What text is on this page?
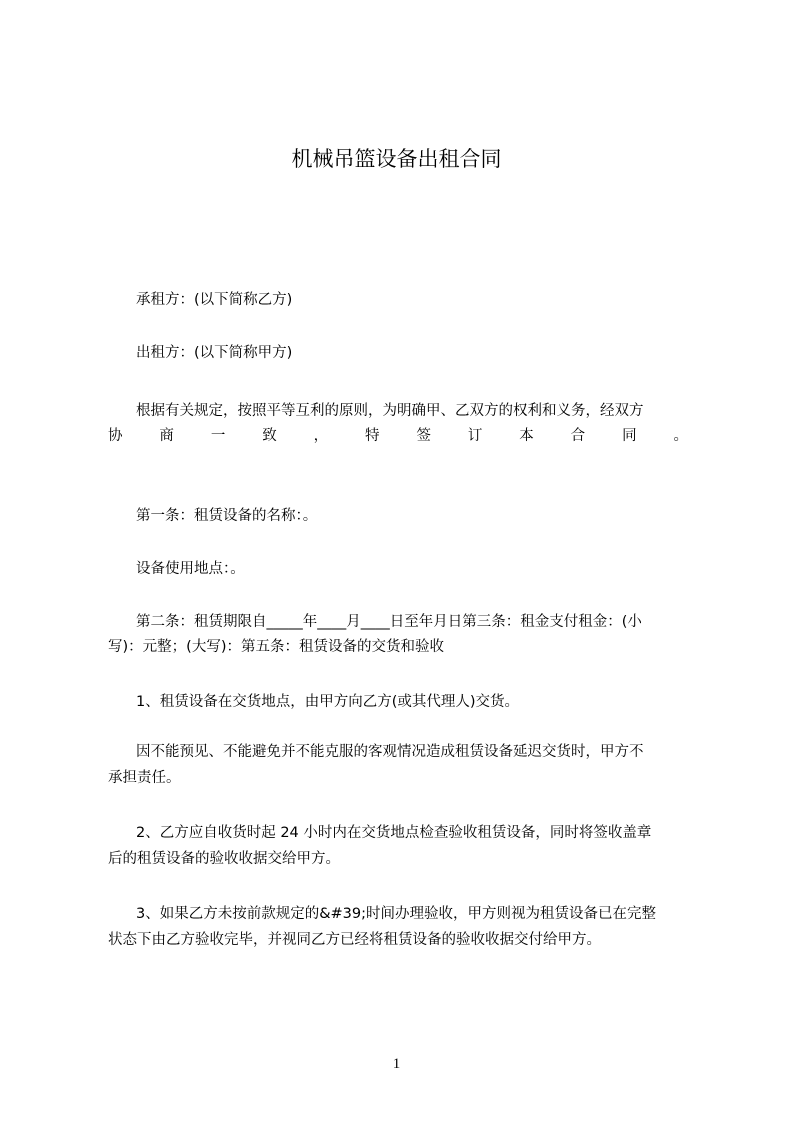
机械吊篮设备出租合同
承租方：(以下简称乙方)
出租方：(以下简称甲方)
根据有关规定，按照平等互利的原则，为明确甲、乙双方的权利和义务，经双方
协商一致，特签订本合同。
第一条：租赁设备的名称：。
设备使用地点：。
第二条：租赁期限自_____年____月____日至年月日第三条：租金支付租金：(小
写)：元整；(大写)：第五条：租赁设备的交货和验收
1、租赁设备在交货地点，由甲方向乙方(或其代理人)交货。
因不能预见、不能避免并不能克服的客观情况造成租赁设备延迟交货时，甲方不
承担责任。
2、乙方应自收货时起 24 小时内在交货地点检查验收租赁设备，同时将签收盖章
后的租赁设备的验收收据交给甲方。
3、如果乙方未按前款规定的&#39;时间办理验收，甲方则视为租赁设备已在完整
状态下由乙方验收完毕，并视同乙方已经将租赁设备的验收收据交付给甲方。
1
